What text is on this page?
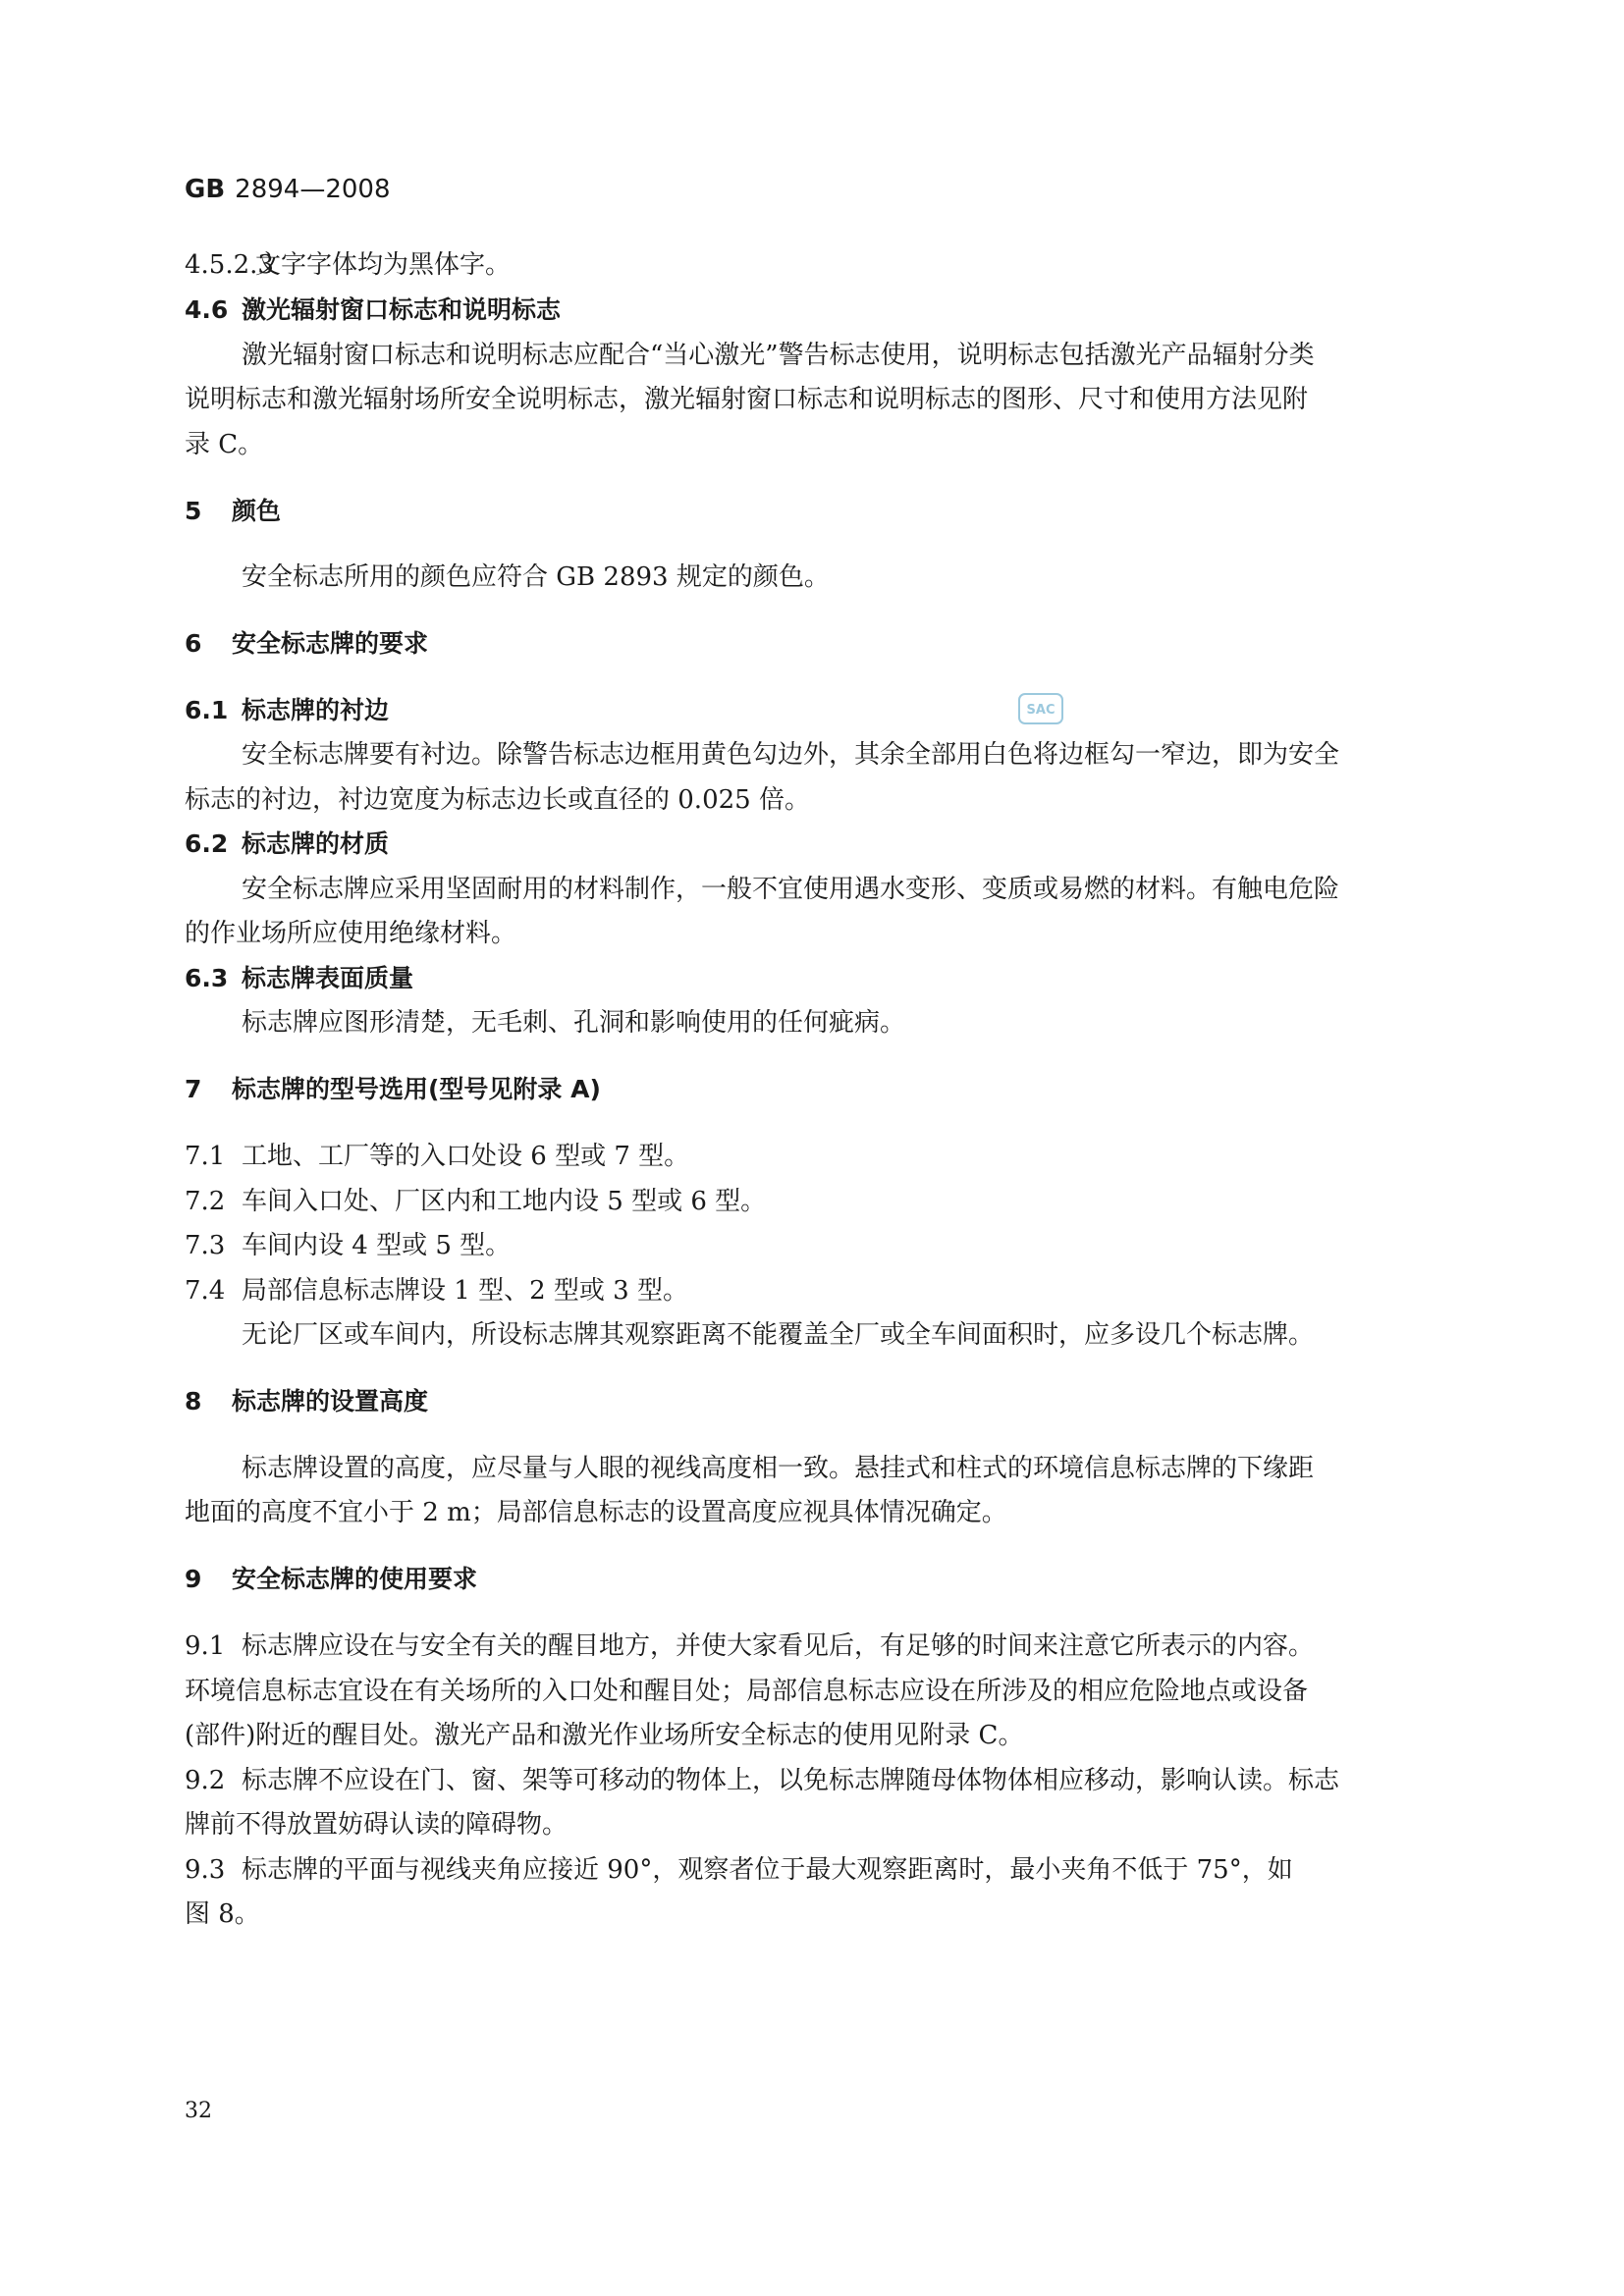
GB 2894—2008
4.5.2.3文字字体均为黑体字。
4.6 激光辐射窗口标志和说明标志
激光辐射窗口标志和说明标志应配合“当心激光”警告标志使用，说明标志包括激光产品辐射分类
说明标志和激光辐射场所安全说明标志，激光辐射窗口标志和说明标志的图形、尺寸和使用方法见附
录 C。
5 颜色
安全标志所用的颜色应符合 GB 2893 规定的颜色。
6 安全标志牌的要求
6.1 标志牌的衬边
安全标志牌要有衬边。除警告标志边框用黄色勾边外，其余全部用白色将边框勾一窄边，即为安全
标志的衬边，衬边宽度为标志边长或直径的 0.025 倍。
6.2 标志牌的材质
安全标志牌应采用坚固耐用的材料制作，一般不宜使用遇水变形、变质或易燃的材料。有触电危险
的作业场所应使用绝缘材料。
6.3 标志牌表面质量
标志牌应图形清楚，无毛刺、孔洞和影响使用的任何疵病。
7 标志牌的型号选用(型号见附录 A)
7.1 工地、工厂等的入口处设 6 型或 7 型。
7.2 车间入口处、厂区内和工地内设 5 型或 6 型。
7.3 车间内设 4 型或 5 型。
7.4 局部信息标志牌设 1 型、2 型或 3 型。
无论厂区或车间内，所设标志牌其观察距离不能覆盖全厂或全车间面积时，应多设几个标志牌。
8 标志牌的设置高度
标志牌设置的高度，应尽量与人眼的视线高度相一致。悬挂式和柱式的环境信息标志牌的下缘距
地面的高度不宜小于 2 m；局部信息标志的设置高度应视具体情况确定。
9 安全标志牌的使用要求
9.1 标志牌应设在与安全有关的醒目地方，并使大家看见后，有足够的时间来注意它所表示的内容。
环境信息标志宜设在有关场所的入口处和醒目处；局部信息标志应设在所涉及的相应危险地点或设备
(部件)附近的醒目处。激光产品和激光作业场所安全标志的使用见附录 C。
9.2 标志牌不应设在门、窗、架等可移动的物体上，以免标志牌随母体物体相应移动，影响认读。标志
牌前不得放置妨碍认读的障碍物。
9.3 标志牌的平面与视线夹角应接近 90°，观察者位于最大观察距离时，最小夹角不低于 75°，如
图 8。
SAC
32
